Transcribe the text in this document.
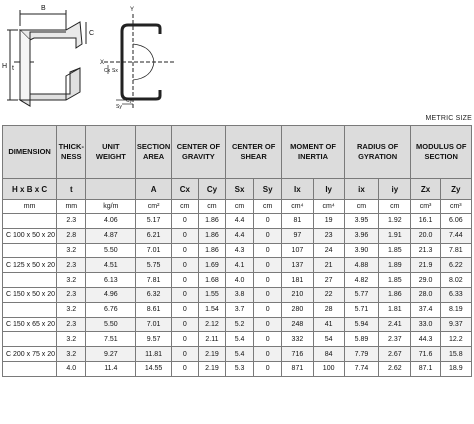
B
C
H t
Y
X
Cx Sx
Cy
Sy
METRIC SIZE
DIMENSION	THICK-NESS	UNIT WEIGHT	SECTION AREA	CENTER OF GRAVITY		CENTER OF SHEAR		MOMENT OF INERTIA		RADIUS OF GYRATION		MODULUS OF SECTION	
H x B x C	t		A	Cx	Cy	Sx	Sy	Ix	Iy	ix	iy	Zx	Zy
mm	mm	kg/m	cm²	cm	cm	cm	cm	cm⁴	cm⁴	cm	cm	cm³	cm³
	2.3	4.06	5.17	0	1.86	4.4	0	81	19	3.95	1.92	16.1	6.06
C 100 x 50 x 20	2.8	4.87	6.21	0	1.86	4.4	0	97	23	3.96	1.91	20.0	7.44
	3.2	5.50	7.01	0	1.86	4.3	0	107	24	3.90	1.85	21.3	7.81
C 125 x 50 x 20	2.3	4.51	5.75	0	1.69	4.1	0	137	21	4.88	1.89	21.9	6.22
	3.2	6.13	7.81	0	1.68	4.0	0	181	27	4.82	1.85	29.0	8.02
C 150 x 50 x 20	2.3	4.96	6.32	0	1.55	3.8	0	210	22	5.77	1.86	28.0	6.33
	3.2	6.76	8.61	0	1.54	3.7	0	280	28	5.71	1.81	37.4	8.19
C 150 x 65 x 20	2.3	5.50	7.01	0	2.12	5.2	0	248	41	5.94	2.41	33.0	9.37
	3.2	7.51	9.57	0	2.11	5.4	0	332	54	5.89	2.37	44.3	12.2
C 200 x 75 x 20	3.2	9.27	11.81	0	2.19	5.4	0	716	84	7.79	2.67	71.6	15.8
	4.0	11.4	14.55	0	2.19	5.3	0	871	100	7.74	2.62	87.1	18.9
